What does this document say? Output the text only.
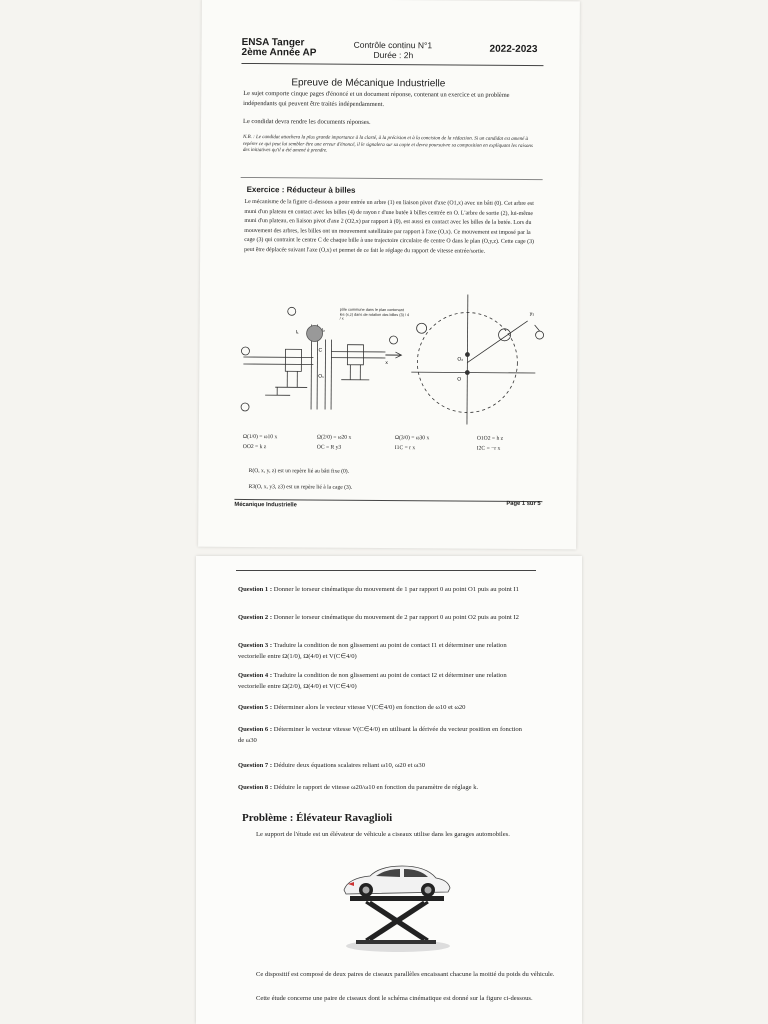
ENSA Tanger
2ème Année AP
Contrôle continu N°1
Durée : 2h	2022-2023
Epreuve de Mécanique Industrielle
Le sujet comporte cinque pages d'énoncé et un document réponse, contenant un exercice et un problème indépendants qui peuvent être traités indépendamment.
Le condidat devra rendre les documents réponses.
N.B. : Le candidat attachera la plus grande importance à la clarté, à la précision et à la concision de la rédaction. Si un candidat est amené à repérer ce qui peut lui sembler être une erreur d'énoncé, il le signalera sur sa copie et devra poursuivre sa composition en expliquant les raisons des initiatives qu'il a été amené à prendre.
Exercice : Réducteur à billes
Le mécanisme de la figure ci-dessous a pour entrée un arbre (1) en liaison pivot d'axe (O1,x) avec un bâti (0). Cet arbre est muni d'un plateau en contact avec les billes (4) de rayon r d'une butée à billes centrée en O. L'arbre de sortie (2), lui-même muni d'un plateau, en liaison pivot d'axe 2 (O2,x) par rapport à (0), est aussi en contact avec les billes de la butée. Lors du mouvement des arbres, les billes ont un mouvement satellitaire par rapport à l'axe (O,x). Ce mouvement est imposé par la cage (3) qui contraint le centre C de chaque bille à une trajectoire circulaire de centre O dans le plan (O,y,z). Cette cage (3) peut être déplacée suivant l'axe (O,x) et permet de ce fait le réglage du rapport de vitesse entrée/sortie.
I₁	I₂
C
O₁
x
pôle commune dans le plan contenant les (x,z) dans de rotation des billes (3) / 4 / x
O₂
O
y₃
Ω(1/0) = ω10 x	Ω(2/0) = ω20 x	Ω(3/0) = ω30 x	O1O2 = h z
OO2 = k z	OC = R y3	I1C = r x	I2C = −r x
R(O, x, y, z) est un repère lié au bâti fixe (0).
R3(O, x, y3, z3) est un repère lié à la cage (3).
Mécanique Industrielle	Page 1 sur 5
Question 1 : Donner le torseur cinématique du mouvement de 1 par rapport 0 au point O1 puis au point I1
Question 2 : Donner le torseur cinématique du mouvement de 2 par rapport 0 au point O2 puis au point I2
Question 3 : Traduire la condition de non glissement au point de contact I1 et déterminer une relation vectorielle entre Ω(1/0), Ω(4/0) et V(C∈4/0)
Question 4 : Traduire la condition de non glissement au point de contact I2 et déterminer une relation vectorielle entre Ω(2/0), Ω(4/0) et V(C∈4/0)
Question 5 : Déterminer alors le vecteur vitesse V(C∈4/0) en fonction de ω10 et ω20
Question 6 : Déterminer le vecteur vitesse V(C∈4/0) en utilisant la dérivée du vecteur position en fonction de ω30
Question 7 : Déduire deux équations scalaires reliant ω10, ω20 et ω30
Question 8 : Déduire le rapport de vitesse ω20/ω10 en fonction du paramètre de réglage k.
Problème : Élévateur Ravaglioli
Le support de l'étude est un élévateur de véhicule a ciseaux utilise dans les garages automobiles.
Ce dispositif est composé de deux paires de ciseaux parallèles encaissant chacune la moitié du poids du véhicule.
Cette étude concerne une paire de ciseaux dont le schéma cinématique est donné sur la figure ci-dessous.
